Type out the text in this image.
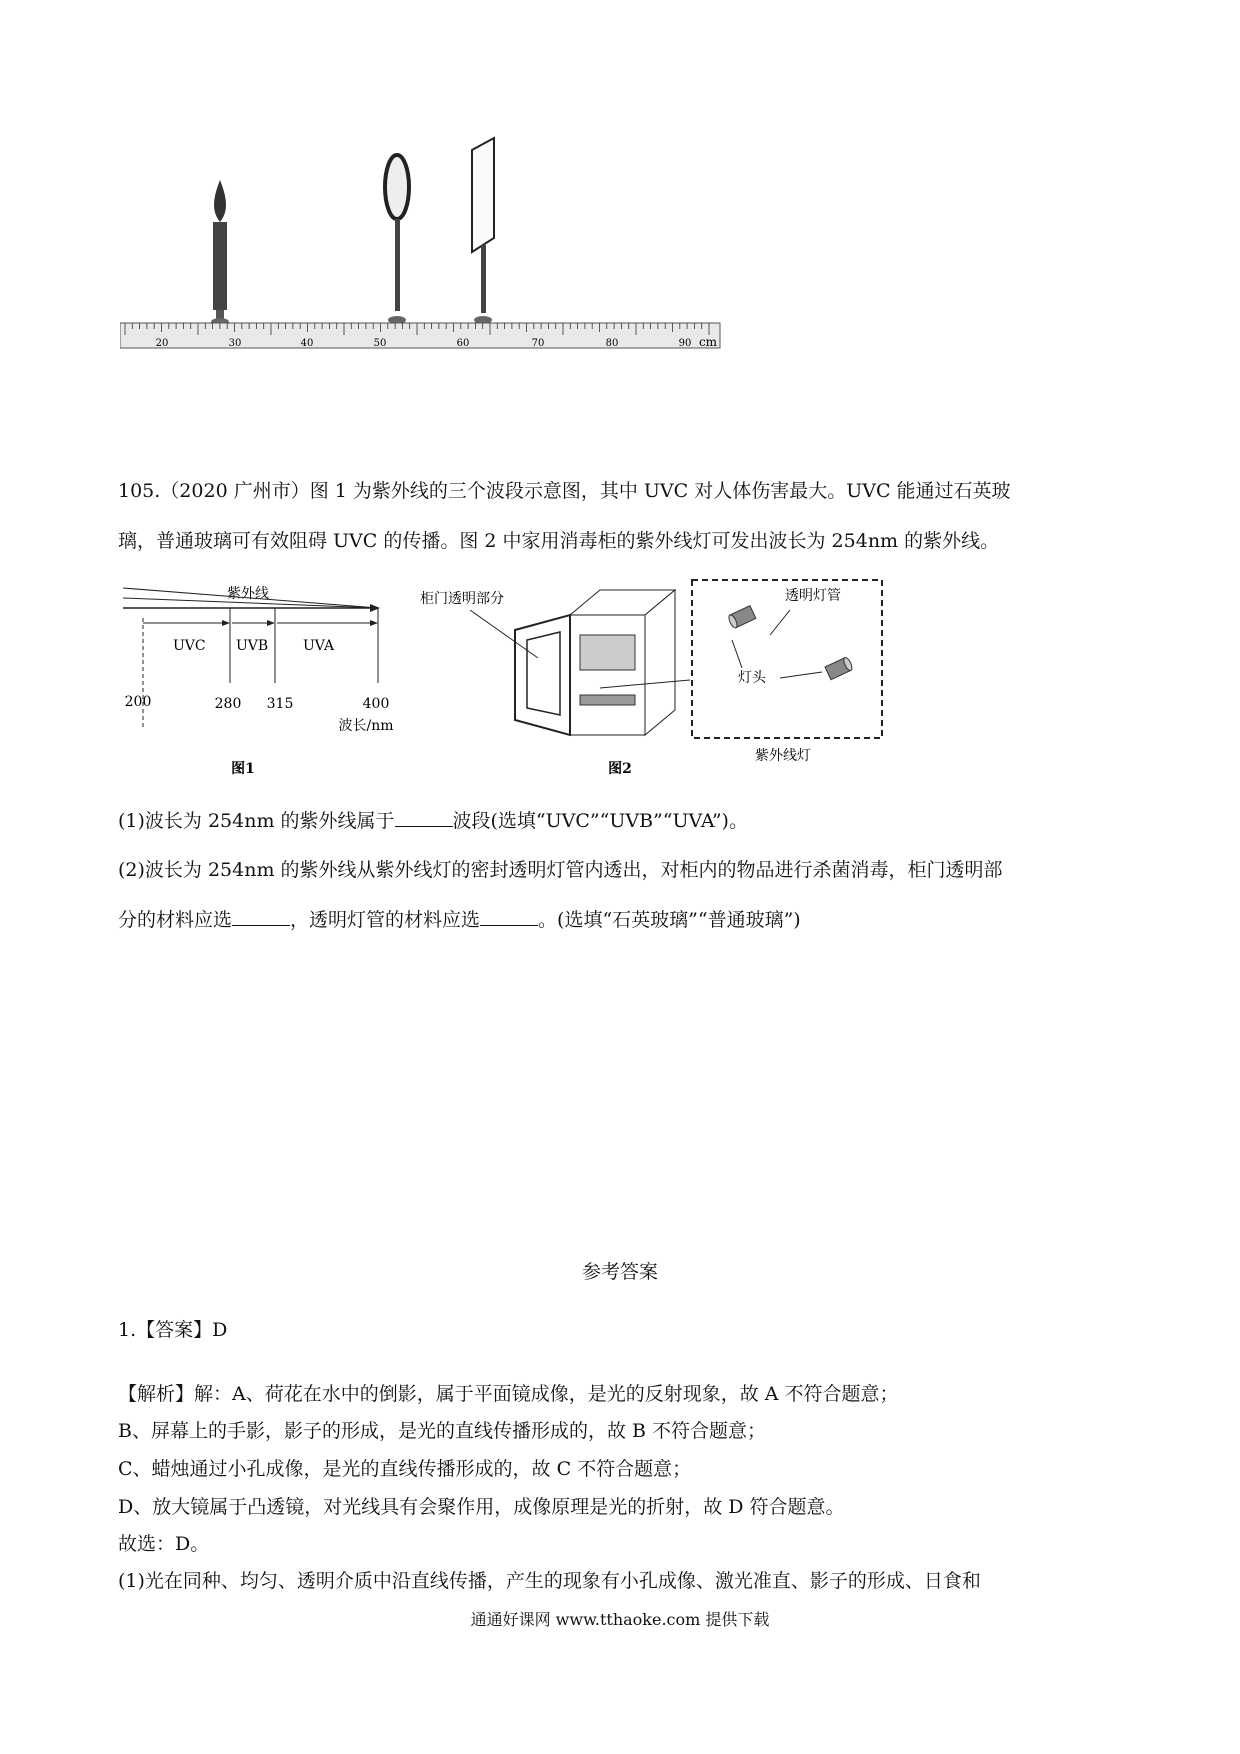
20	30	40	50	60	70	80	90 cm
105.（2020 广州市）图 1 为紫外线的三个波段示意图，其中 UVC 对人体伤害最大。UVC 能通过石英玻
璃，普通玻璃可有效阻碍 UVC 的传播。图 2 中家用消毒柜的紫外线灯可发出波长为 254nm 的紫外线。
紫外线
UVC UVB UVA
200	280 315	400
波长/nm
图1
柜门透明部分	透明灯管
灯头
紫外线灯
图2
(1)波长为 254nm 的紫外线属于	波段(选填“UVC”“UVB”“UVA”)。
(2)波长为 254nm 的紫外线从紫外线灯的密封透明灯管内透出，对柜内的物品进行杀菌消毒，柜门透明部
分的材料应选	，透明灯管的材料应选	。(选填“石英玻璃”“普通玻璃”)
参考答案
1.【答案】D
【解析】解：A、荷花在水中的倒影，属于平面镜成像，是光的反射现象，故 A 不符合题意；
B、屏幕上的手影，影子的形成，是光的直线传播形成的，故 B 不符合题意；
C、蜡烛通过小孔成像，是光的直线传播形成的，故 C 不符合题意；
D、放大镜属于凸透镜，对光线具有会聚作用，成像原理是光的折射，故 D 符合题意。
故选：D。
(1)光在同种、均匀、透明介质中沿直线传播，产生的现象有小孔成像、激光准直、影子的形成、日食和
通通好课网 www.tthaoke.com 提供下载
